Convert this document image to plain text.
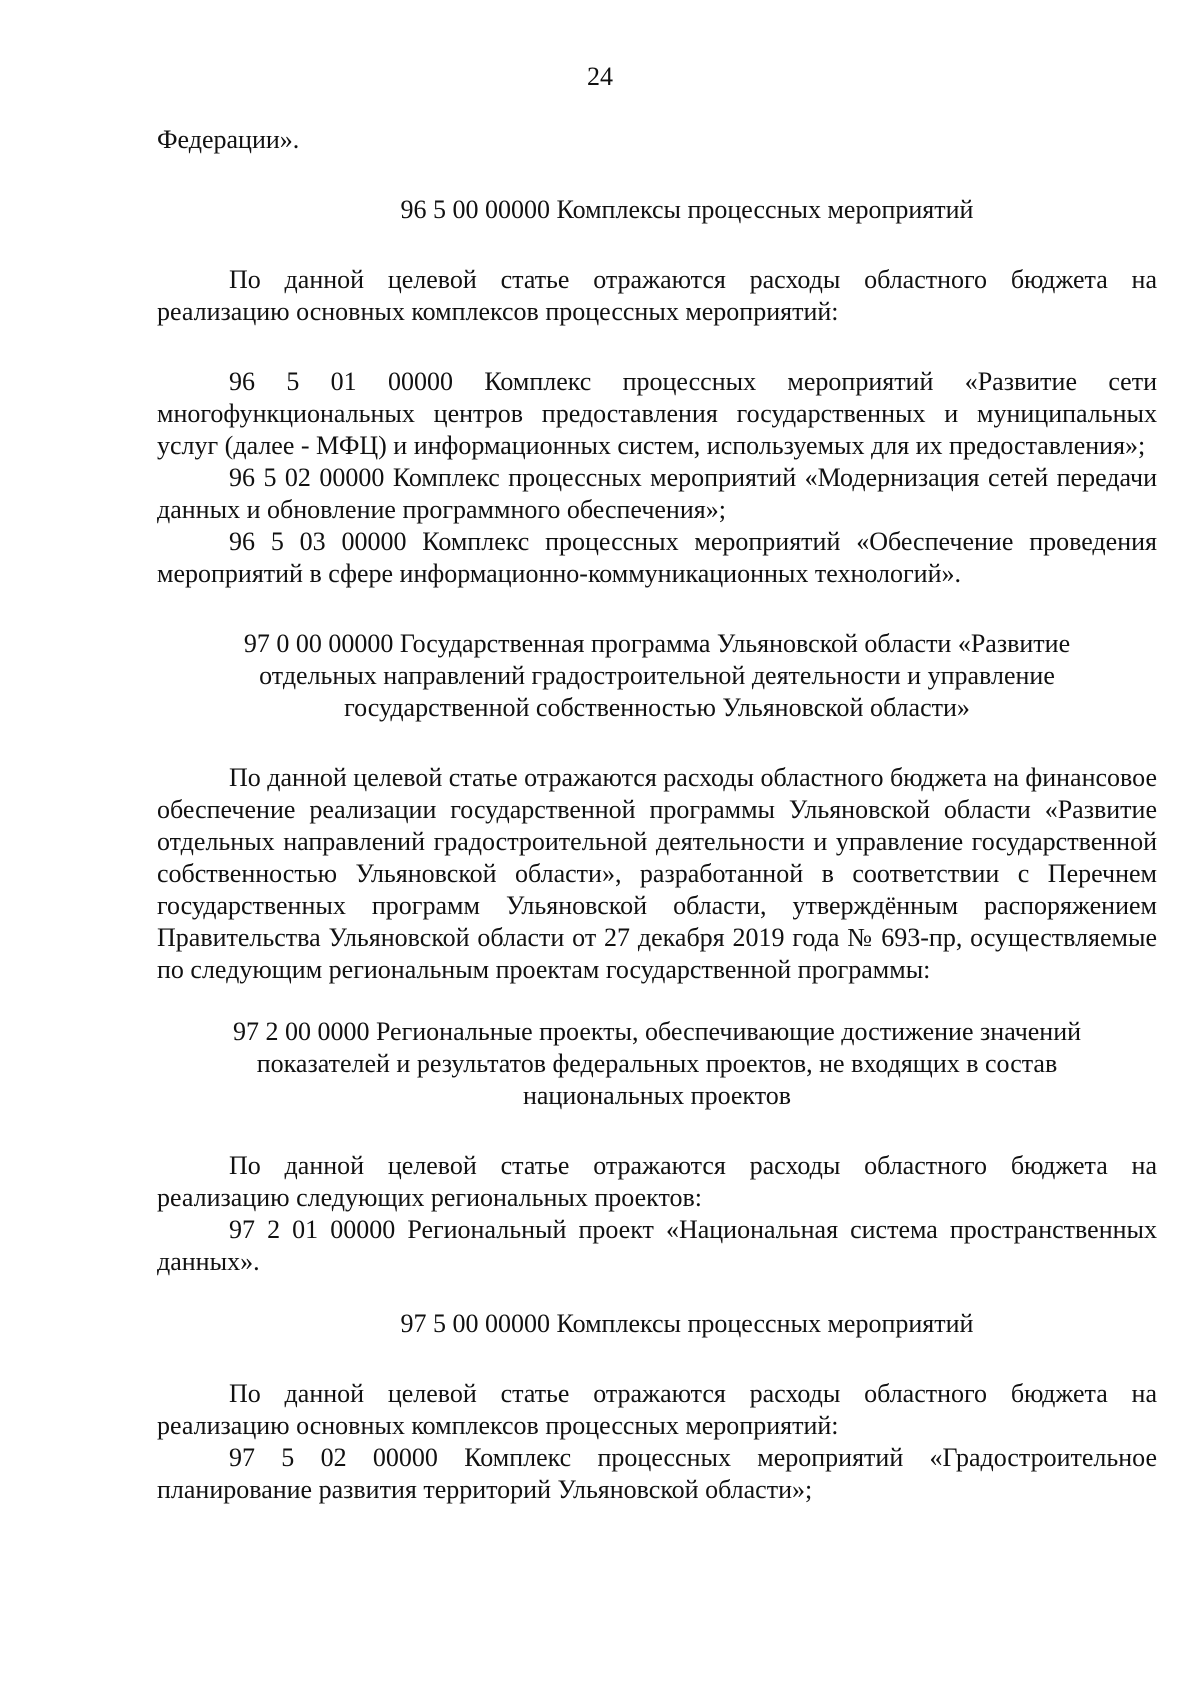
24

Федерации».

96 5 00 00000 Комплексы процессных мероприятий

По данной целевой статье отражаются расходы областного бюджета на реализацию основных комплексов процессных мероприятий:

96 5 01 00000 Комплекс процессных мероприятий «Развитие сети многофункциональных центров предоставления государственных и муниципальных услуг (далее - МФЦ) и информационных систем, используемых для их предоставления»;

96 5 02 00000 Комплекс процессных мероприятий «Модернизация сетей передачи данных и обновление программного обеспечения»;

96 5 03 00000 Комплекс процессных мероприятий «Обеспечение проведения мероприятий в сфере информационно-коммуникационных технологий».

97 0 00 00000 Государственная программа Ульяновской области «Развитие отдельных направлений градостроительной деятельности и управление государственной собственностью Ульяновской области»

По данной целевой статье отражаются расходы областного бюджета на финансовое обеспечение реализации государственной программы Ульяновской области «Развитие отдельных направлений градостроительной деятельности и управление государственной собственностью Ульяновской области», разработанной в соответствии с Перечнем государственных программ Ульяновской области, утверждённым распоряжением Правительства Ульяновской области от 27 декабря 2019 года № 693-пр, осуществляемые по следующим региональным проектам государственной программы:

97 2 00 0000 Региональные проекты, обеспечивающие достижение значений показателей и результатов федеральных проектов, не входящих в состав национальных проектов

По данной целевой статье отражаются расходы областного бюджета на реализацию следующих региональных проектов:

97 2 01 00000 Региональный проект «Национальная система пространственных данных».

97 5 00 00000 Комплексы процессных мероприятий

По данной целевой статье отражаются расходы областного бюджета на реализацию основных комплексов процессных мероприятий:

97 5 02 00000 Комплекс процессных мероприятий «Градостроительное планирование развития территорий Ульяновской области»;
